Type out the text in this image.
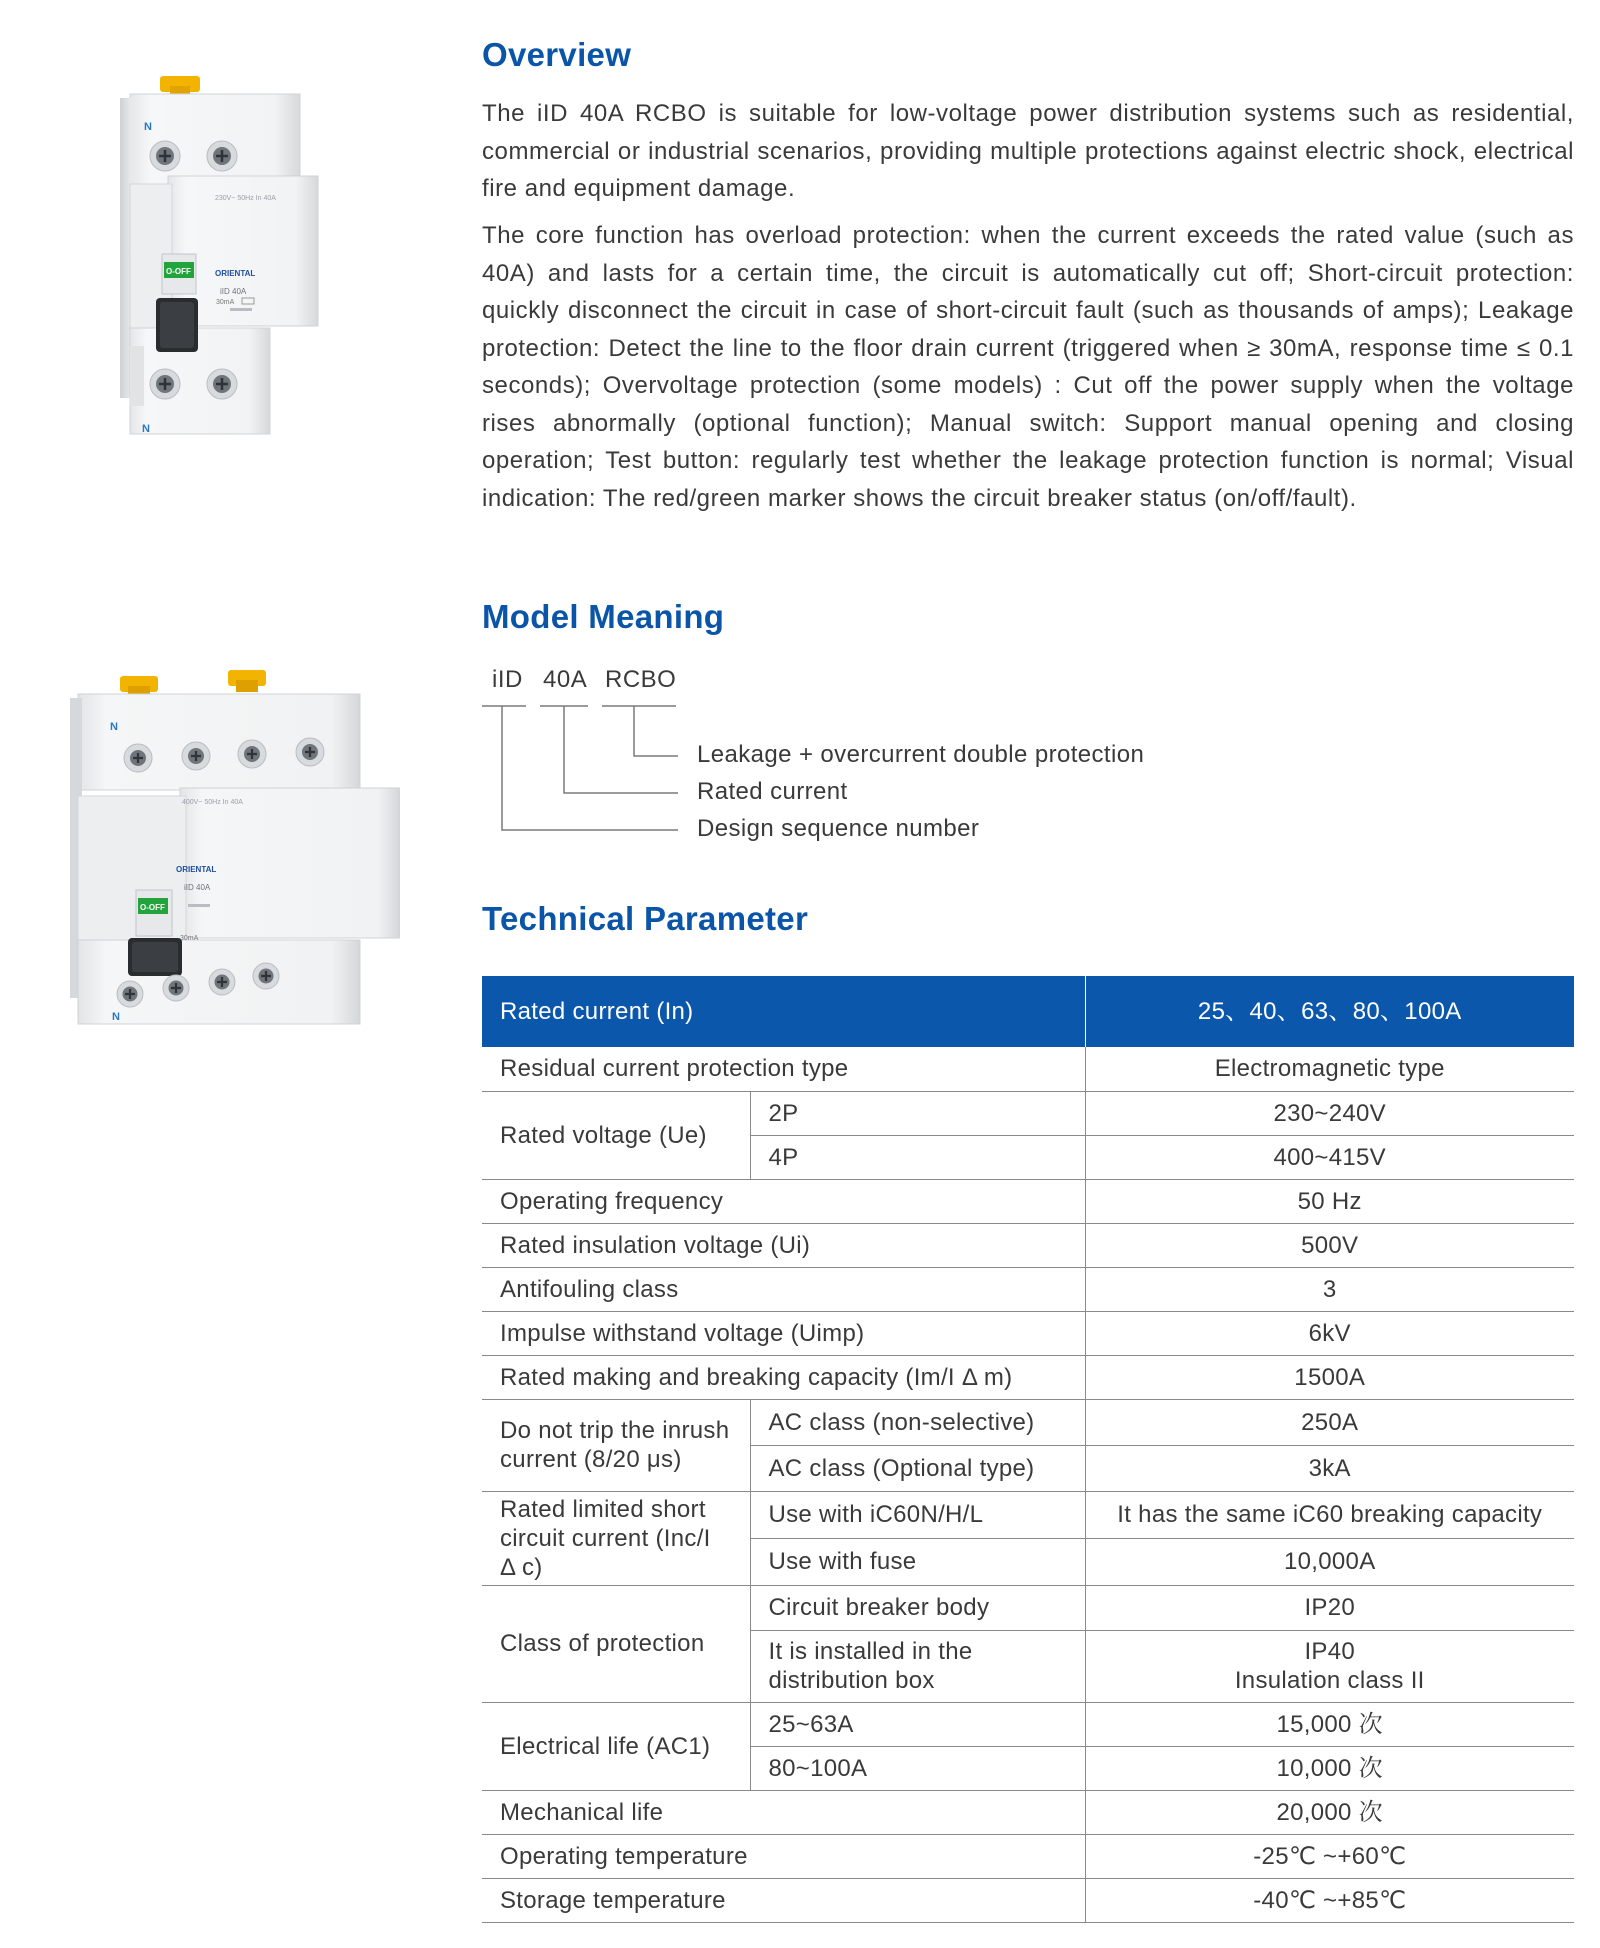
230V~ 50Hz In 40A
ORIENTAL
iID 40A
O-OFF
30mA
N
N
400V~ 50Hz In 40A
ORIENTAL
iID 40A
O-OFF
30mA
N
N
Overview

The iID 40A RCBO is suitable for low-voltage power distribution systems such as residential, commercial or industrial scenarios, providing multiple protections against electric shock, electrical fire and equipment damage.

The core function has overload protection: when the current exceeds the rated value (such as 40A) and lasts for a certain time, the circuit is automatically cut off; Short-circuit protection: quickly disconnect the circuit in case of short-circuit fault (such as thousands of amps); Leakage protection: Detect the line to the floor drain current (triggered when ≥ 30mA, response time ≤ 0.1 seconds); Overvoltage protection (some models) : Cut off the power supply when the voltage rises abnormally (optional function); Manual switch: Support manual opening and closing operation; Test button: regularly test whether the leakage protection function is normal; Visual indication: The red/green marker shows the circuit breaker status (on/off/fault).

Model Meaning
iID 40A RCBO
Leakage + overcurrent double protection
Rated current
Design sequence number
Technical Parameter
Rated current (In)		25、40、63、80、100A
Residual current protection type		Electromagnetic type
Rated voltage (Ue)	2P	230~240V
	4P	400~415V
Operating frequency		50 Hz
Rated insulation voltage (Ui)		500V
Antifouling class		3
Impulse withstand voltage (Uimp)		6kV
Rated making and breaking capacity (Im/I Δ m)		1500A
Do not trip the inrush current (8/20 μs)	AC class (non-selective)	250A
	AC class (Optional type)	3kA
Rated limited short circuit current (Inc/I Δ c)	Use with iC60N/H/L	It has the same iC60 breaking capacity
	Use with fuse	10,000A
Class of protection	Circuit breaker body	IP20
	It is installed in the distribution box	IP40
Insulation class II

Electrical life (AC1)	25~63A	15,000 次
	80~100A	10,000 次
Mechanical life		20,000 次
Operating temperature		-25℃ ~+60℃
Storage temperature		-40℃ ~+85℃
